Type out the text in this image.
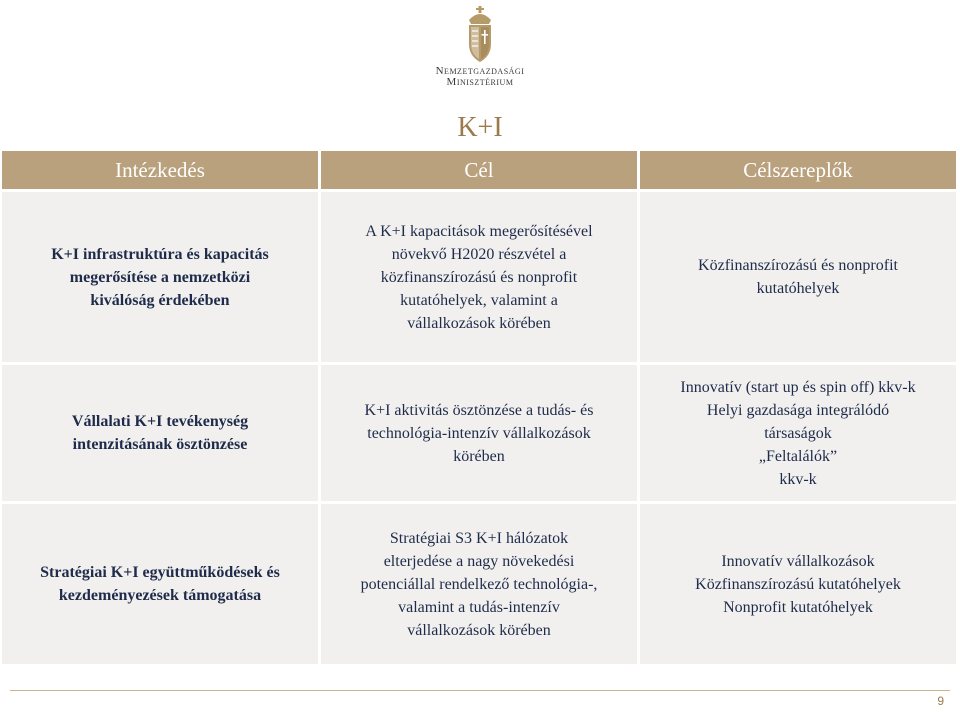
Nemzetgazdasági
Minisztérium
K+I
Intézkedés	Cél	Célszereplők
K+I infrastruktúra és kapacitás
megerősítése a nemzetközi
kiválóság érdekében
A K+I kapacitások megerősítésével
növekvő H2020 részvétel a
közfinanszírozású és nonprofit
kutatóhelyek, valamint a
vállalkozások körében
Közfinanszírozású és nonprofit
kutatóhelyek
Vállalati K+I tevékenység
intenzitásának ösztönzése
K+I aktivitás ösztönzése a tudás- és
technológia-intenzív vállalkozások
körében
Innovatív (start up és spin off) kkv-k
Helyi gazdasága integrálódó
társaságok
„Feltalálók”
kkv-k
Stratégiai K+I együttműködések és
kezdeményezések támogatása
Stratégiai S3 K+I hálózatok
elterjedése a nagy növekedési
potenciállal rendelkező technológia-,
valamint a tudás-intenzív
vállalkozások körében
Innovatív vállalkozások
Közfinanszírozású kutatóhelyek
Nonprofit kutatóhelyek
9
